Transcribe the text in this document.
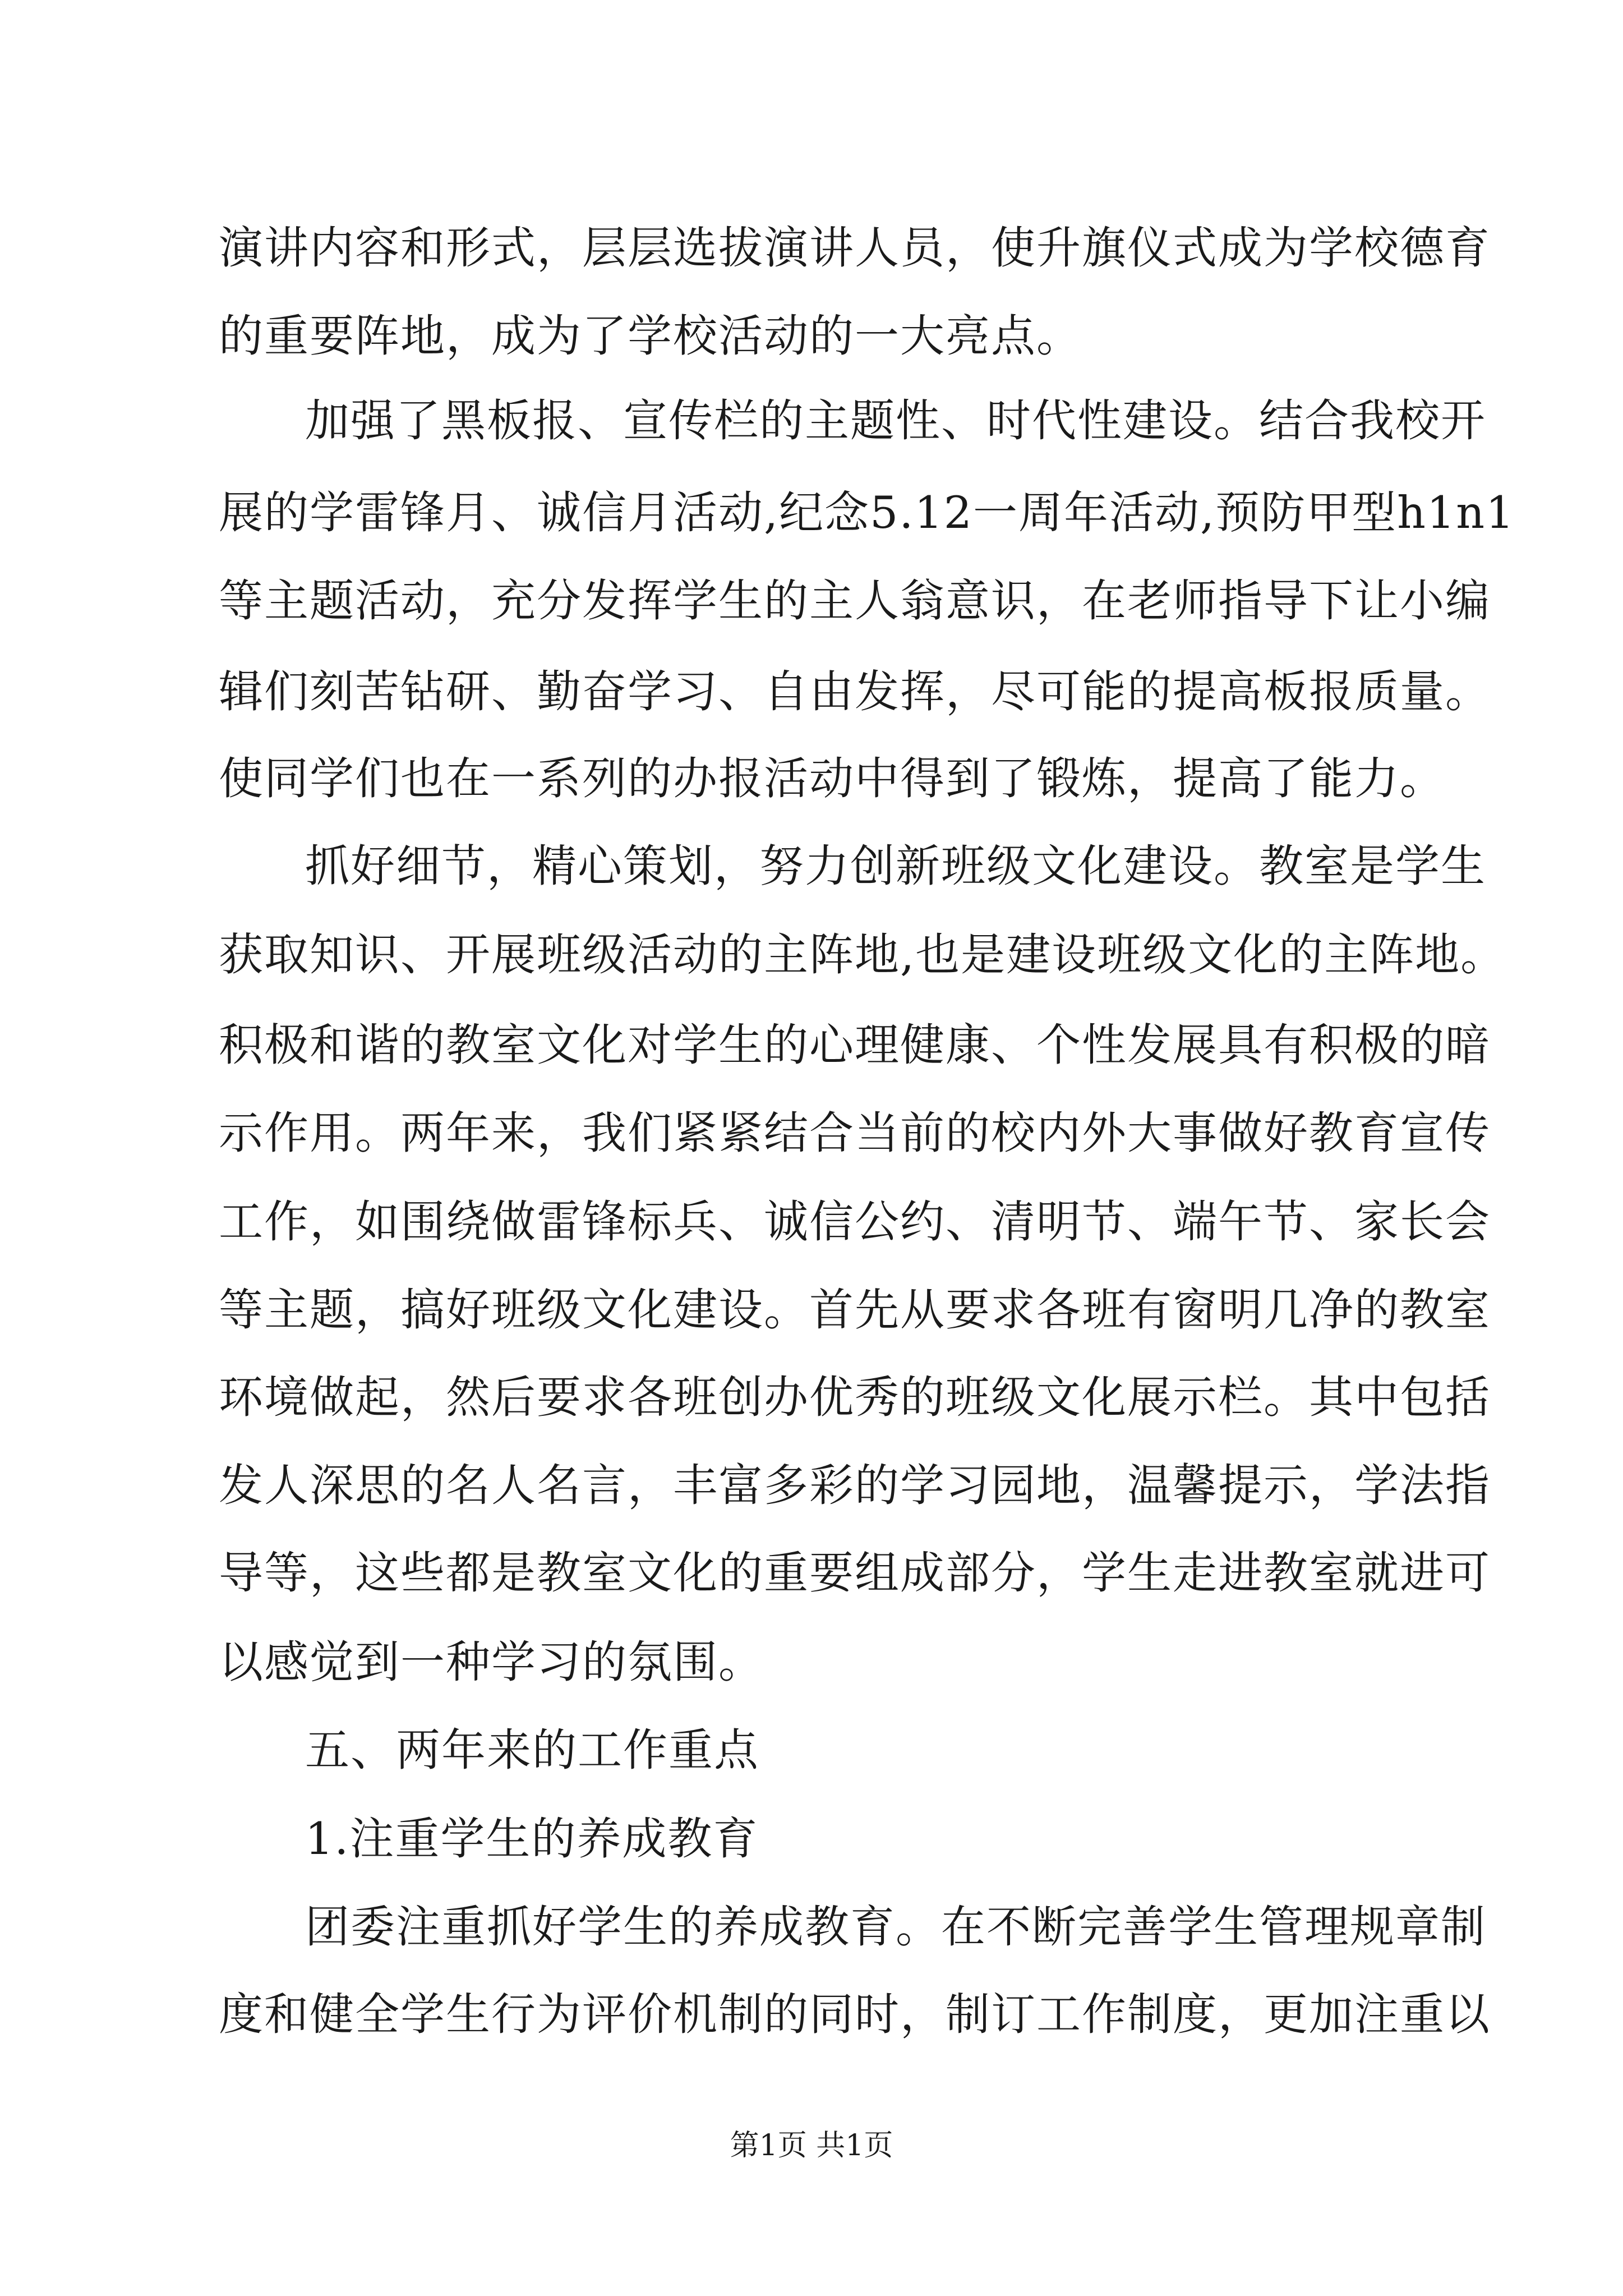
演讲内容和形式，层层选拔演讲人员，使升旗仪式成为学校德育
的重要阵地，成为了学校活动的一大亮点。
加强了黑板报、宣传栏的主题性、时代性建设。结合我校开
展的学雷锋月、诚信月活动,纪念5.12一周年活动,预防甲型h1n1
等主题活动，充分发挥学生的主人翁意识，在老师指导下让小编
辑们刻苦钻研、勤奋学习、自由发挥，尽可能的提高板报质量。
使同学们也在一系列的办报活动中得到了锻炼，提高了能力。
抓好细节，精心策划，努力创新班级文化建设。教室是学生
获取知识、开展班级活动的主阵地,也是建设班级文化的主阵地。
积极和谐的教室文化对学生的心理健康、个性发展具有积极的暗
示作用。两年来，我们紧紧结合当前的校内外大事做好教育宣传
工作，如围绕做雷锋标兵、诚信公约、清明节、端午节、家长会
等主题，搞好班级文化建设。首先从要求各班有窗明几净的教室
环境做起，然后要求各班创办优秀的班级文化展示栏。其中包括
发人深思的名人名言，丰富多彩的学习园地，温馨提示，学法指
导等，这些都是教室文化的重要组成部分，学生走进教室就进可
以感觉到一种学习的氛围。
五、两年来的工作重点
1.注重学生的养成教育
团委注重抓好学生的养成教育。在不断完善学生管理规章制
度和健全学生行为评价机制的同时，制订工作制度，更加注重以
第1页 共1页
